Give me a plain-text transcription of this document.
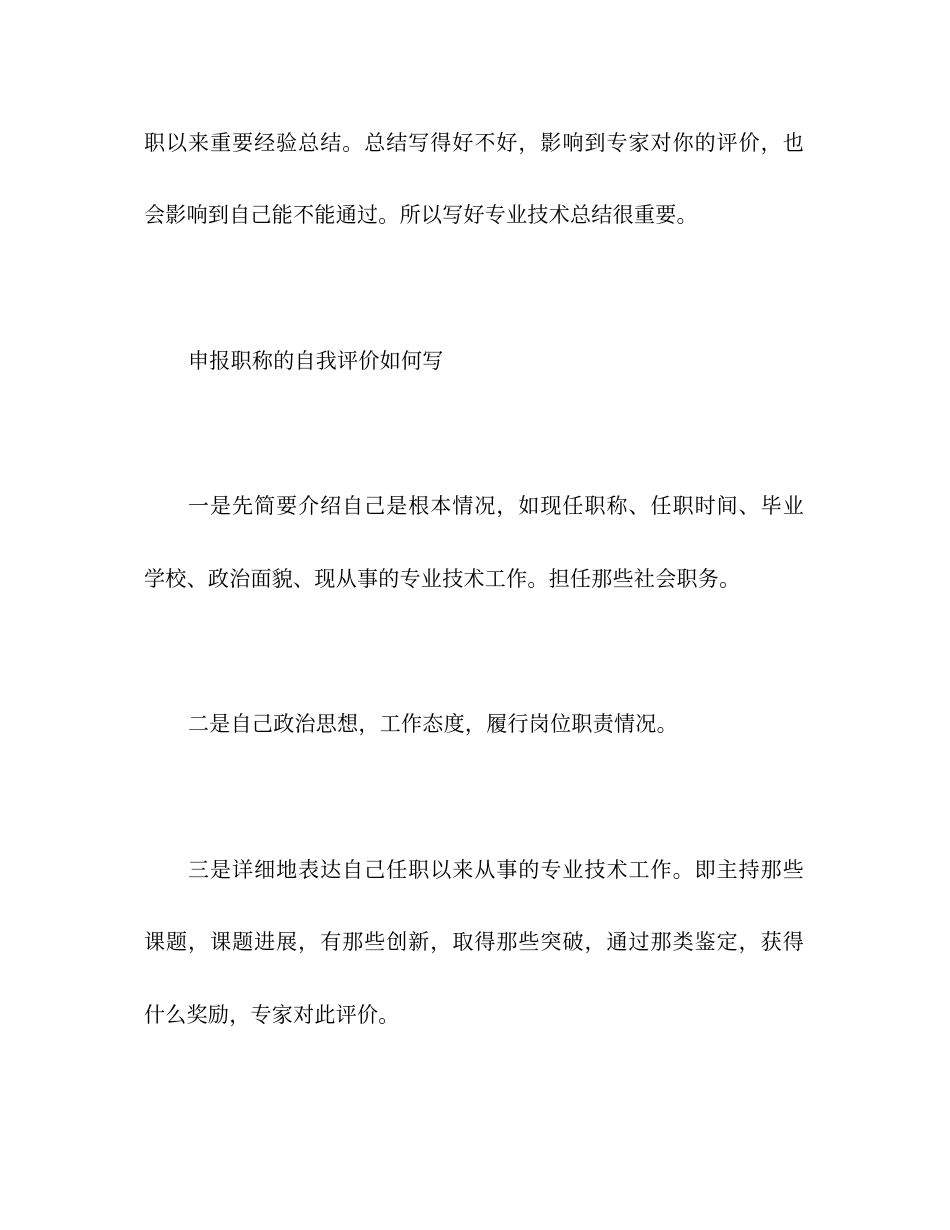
职以来重要经验总结。总结写得好不好，影响到专家对你的评价，也

会影响到自己能不能通过。所以写好专业技术总结很重要。

申报职称的自我评价如何写

一是先简要介绍自己是根本情况，如现任职称、任职时间、毕业

学校、政治面貌、现从事的专业技术工作。担任那些社会职务。

二是自己政治思想，工作态度，履行岗位职责情况。

三是详细地表达自己任职以来从事的专业技术工作。即主持那些

课题，课题进展，有那些创新，取得那些突破，通过那类鉴定，获得

什么奖励，专家对此评价。
